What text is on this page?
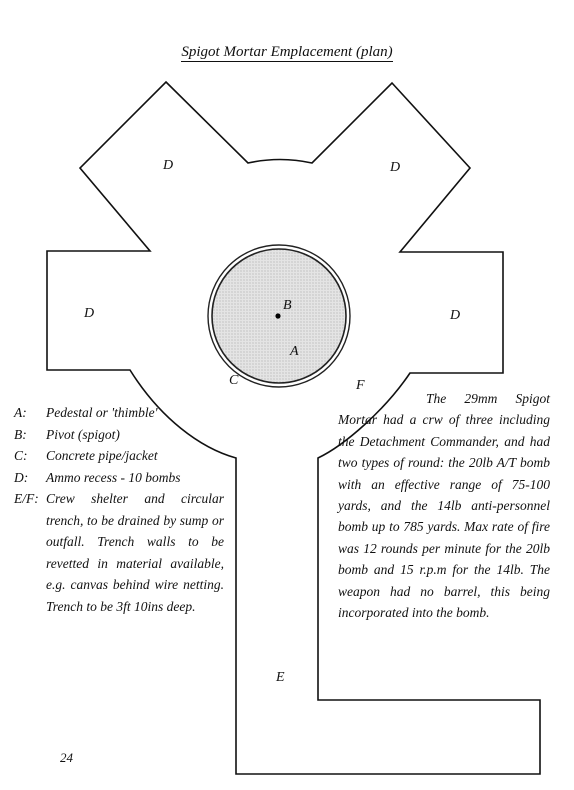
Spigot Mortar Emplacement (plan)
D	D
D	D
B
A
C	F
E
A:	Pedestal or 'thimble'
B:	Pivot (spigot)
C:	Concrete pipe/jacket
D:	Ammo recess - 10 bombs
E/F: Crew shelter and circular trench, to be drained by sump or outfall. Trench walls to be revetted in material available, e.g. canvas behind wire netting. Trench to be 3ft 10ins deep.

The 29mm Spigot Mortar had a crw of three including the Detachment Commander, and had two types of round: the 20lb A/T bomb with an effective range of 75-100 yards, and the 14lb anti-personnel bomb up to 785 yards. Max rate of fire was 12 rounds per minute for the 20lb bomb and 15 r.p.m for the 14lb. The weapon had no barrel, this being incorporated into the bomb.

24
